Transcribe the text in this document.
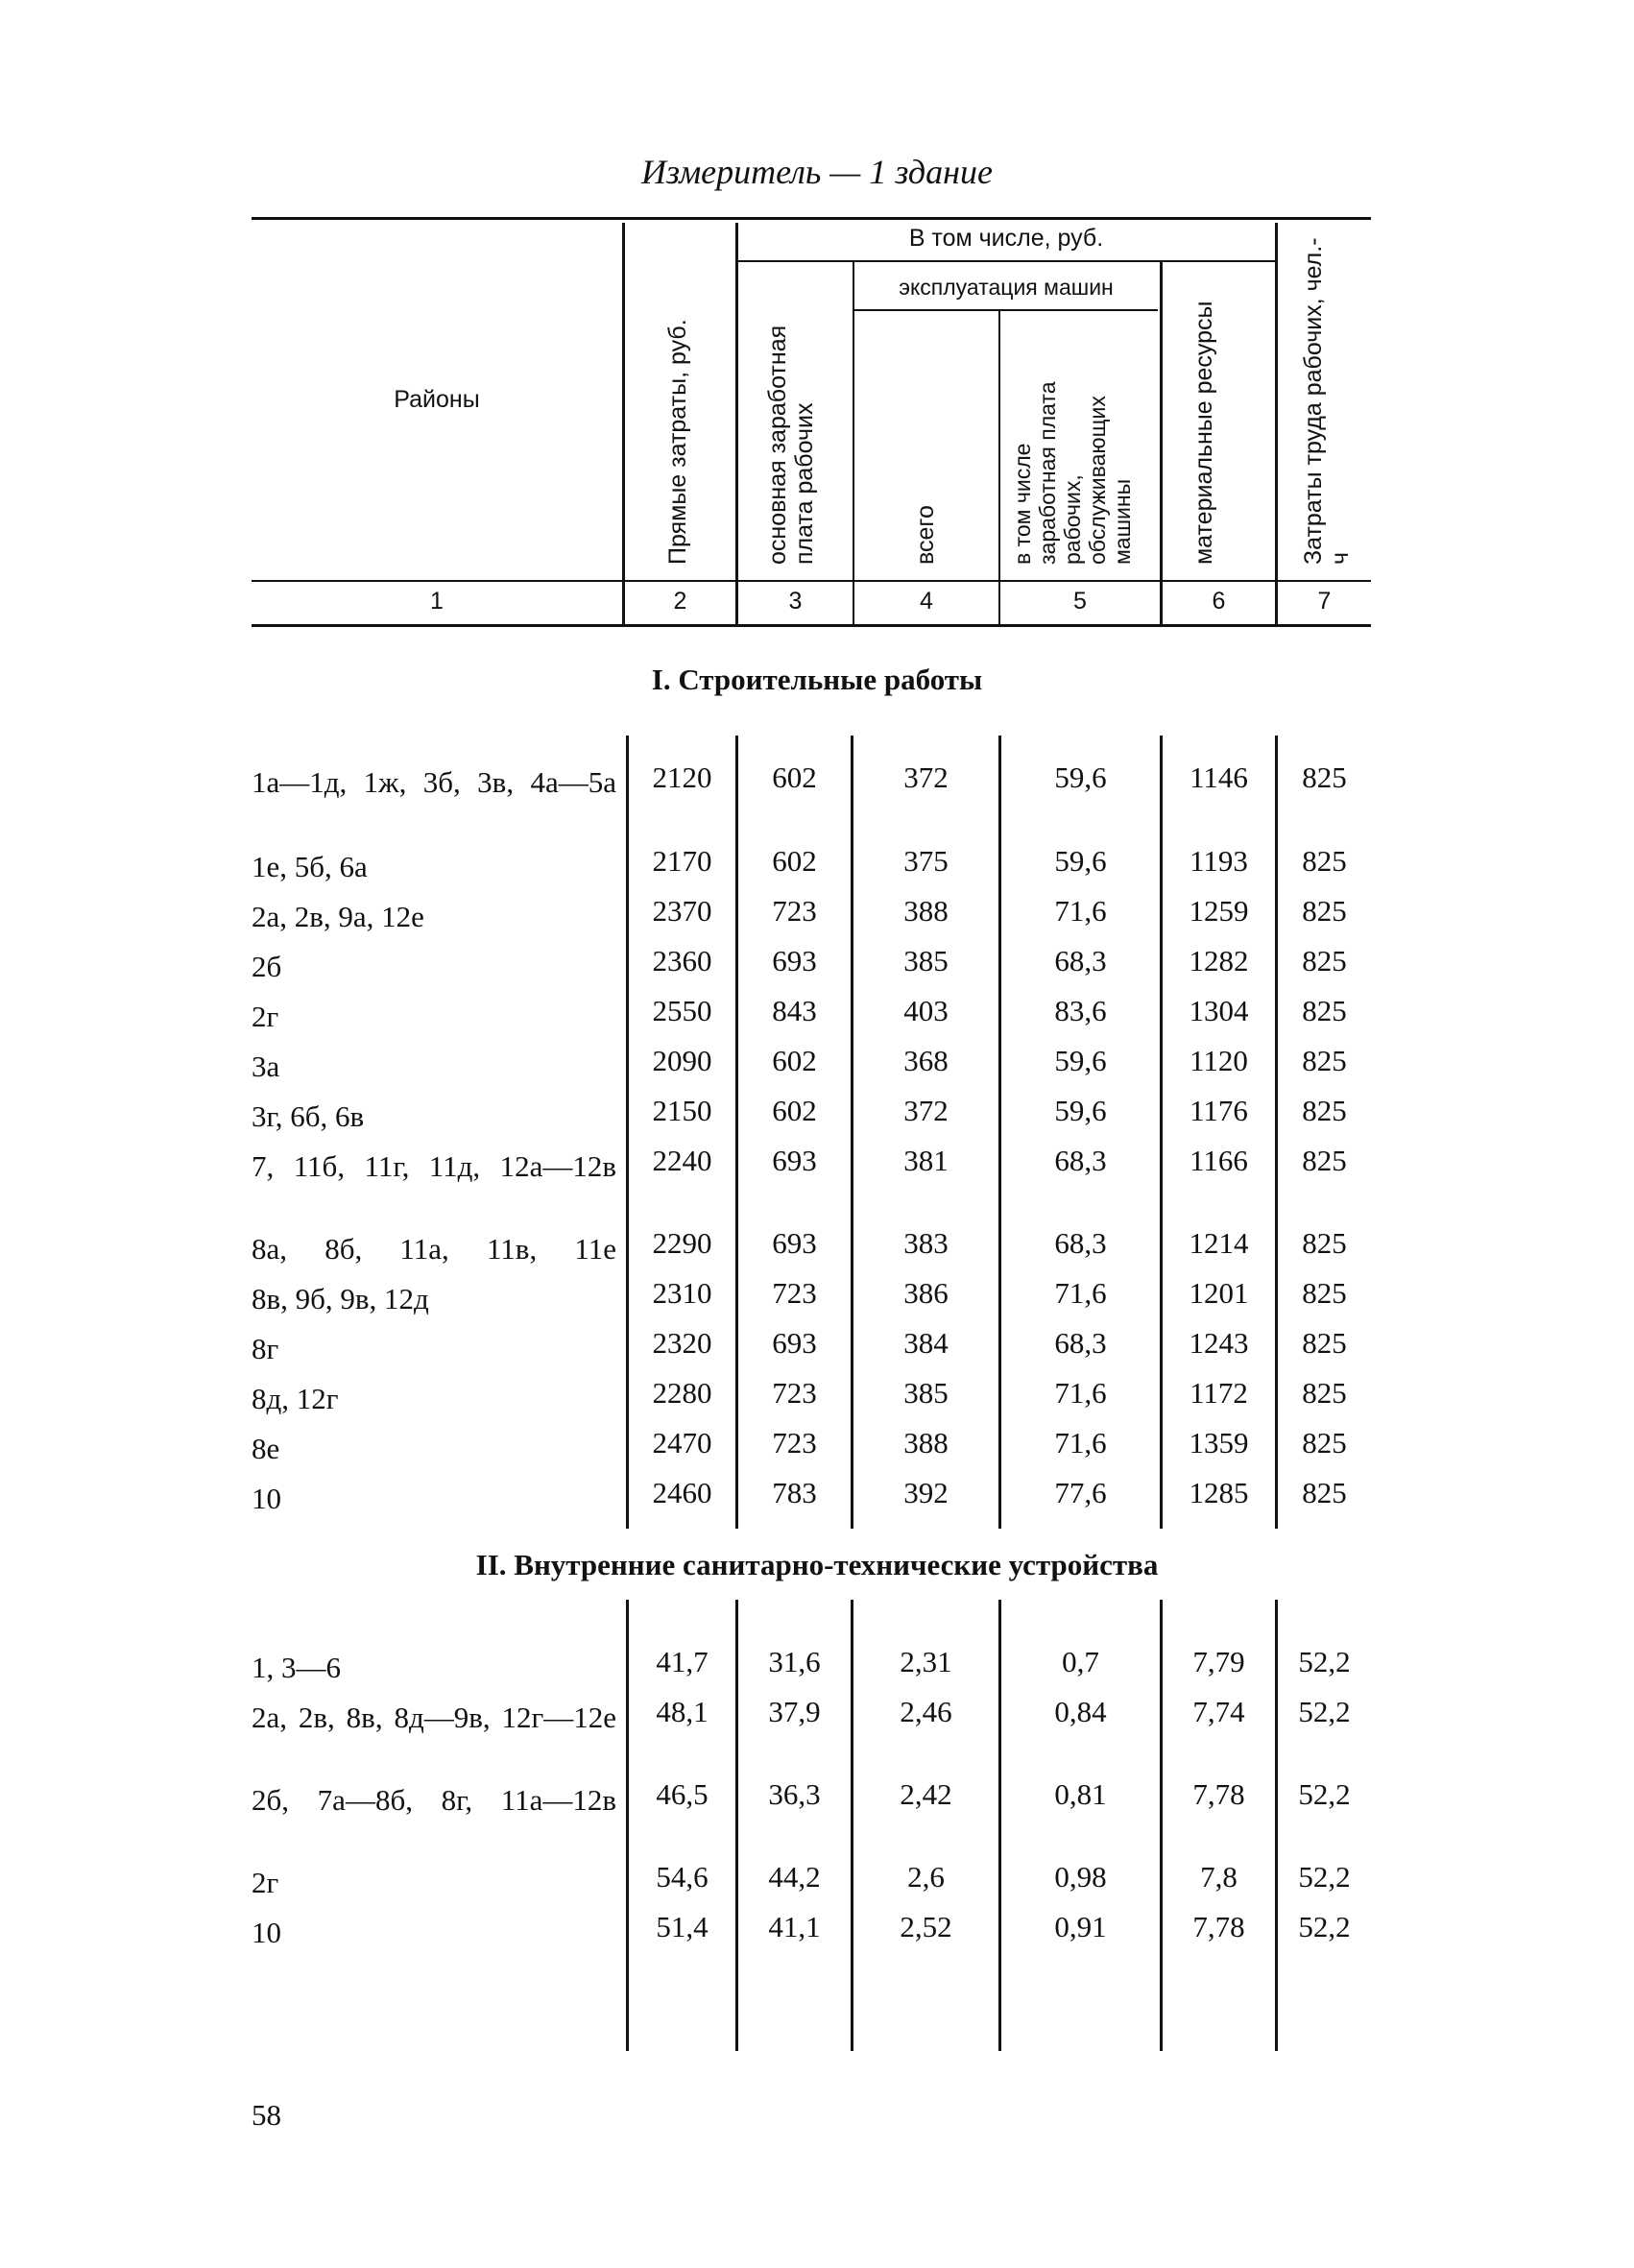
Измеритель — 1 здание
Районы	Прямые затраты, руб.
В том числе, руб.
основная заработная плата рабочих
эксплуатация машин
всего	в том числе заработная плата рабочих, обслуживающих машины	материальные ресурсы	Затраты труда рабочих, чел.-ч
1	2	3	4	5	6	7
I. Строительные работы
1а—1д, 1ж, 3б, 3в, 4а—5а	2120	602	372	59,6	1146	825
1е, 5б, 6а	2170	602	375	59,6	1193	825
2а, 2в, 9а, 12е	2370	723	388	71,6	1259	825
2б	2360	693	385	68,3	1282	825
2г	2550	843	403	83,6	1304	825
3а	2090	602	368	59,6	1120	825
3г, 6б, 6в	2150	602	372	59,6	1176	825
7, 11б, 11г, 11д, 12а—12в	2240	693	381	68,3	1166	825
8а, 8б, 11а, 11в, 11е	2290	693	383	68,3	1214	825
8в, 9б, 9в, 12д	2310	723	386	71,6	1201	825
8г	2320	693	384	68,3	1243	825
8д, 12г	2280	723	385	71,6	1172	825
8е	2470	723	388	71,6	1359	825
10	2460	783	392	77,6	1285	825
II. Внутренние санитарно-технические устройства
1, 3—6	41,7	31,6	2,31	0,7	7,79	52,2
2а, 2в, 8в, 8д—9в, 12г—12е	48,1	37,9	2,46	0,84	7,74	52,2
2б, 7а—8б, 8г, 11а—12в	46,5	36,3	2,42	0,81	7,78	52,2
2г	54,6	44,2	2,6	0,98	7,8	52,2
10	51,4	41,1	2,52	0,91	7,78	52,2
58
